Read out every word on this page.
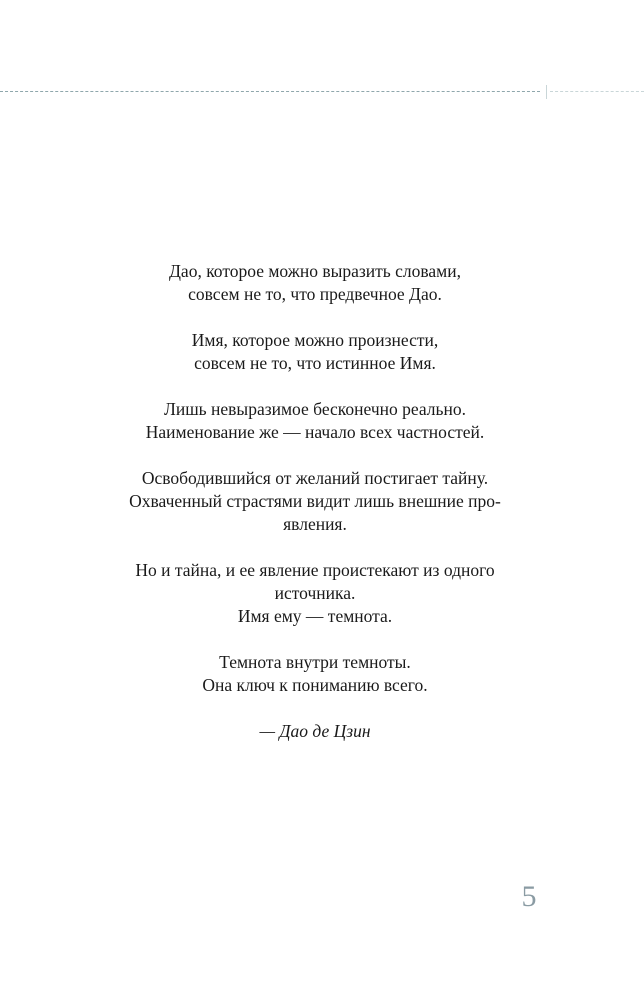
Дао, которое можно выразить словами,
совсем не то, что предвечное Дао.
Имя, которое можно произнести,
совсем не то, что истинное Имя.
Лишь невыразимое бесконечно реально.
Наименование же — начало всех частностей.
Освободившийся от желаний постигает тайну.
Охваченный страстями видит лишь внешние про-
явления.
Но и тайна, и ее явление проистекают из одного
источника.
Имя ему — темнота.
Темнота внутри темноты.
Она ключ к пониманию всего.
— Дао де Цзин
5
